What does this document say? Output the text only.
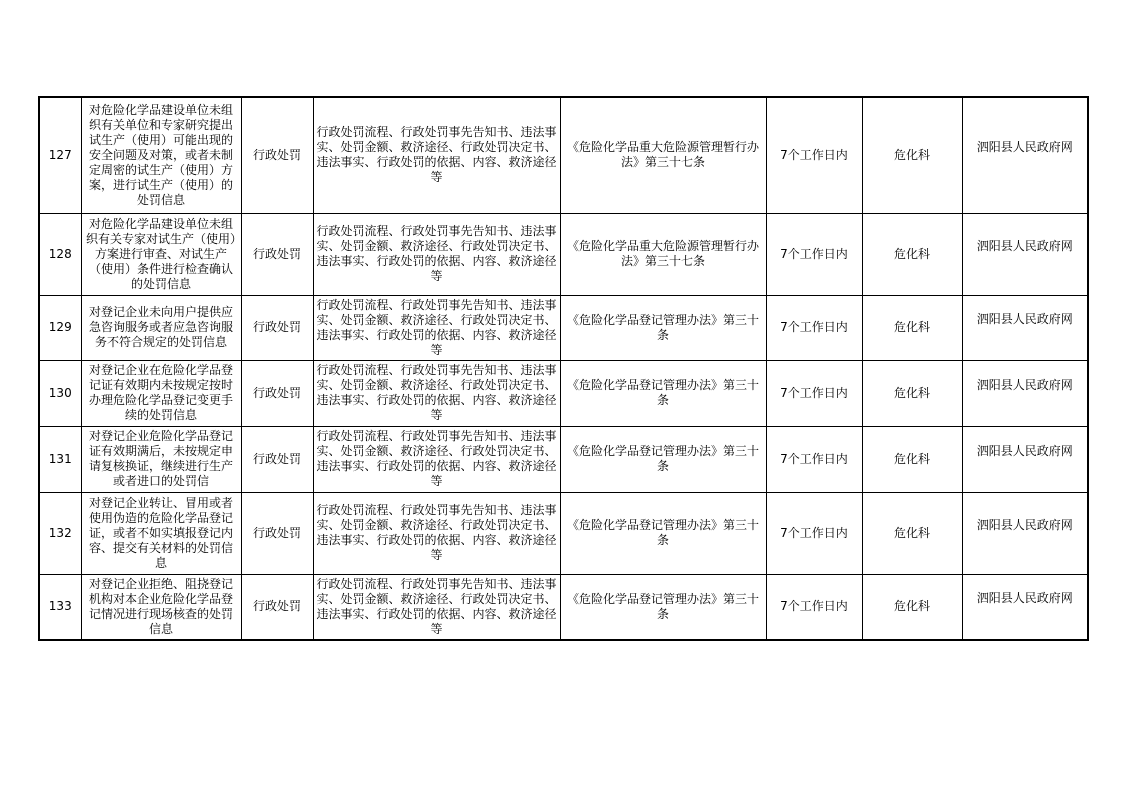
127	对危险化学品建设单位未组织有关单位和专家研究提出试生产（使用）可能出现的安全问题及对策，或者未制定周密的试生产（使用）方案，进行试生产（使用）的处罚信息	行政处罚	行政处罚流程、行政处罚事先告知书、违法事实、处罚金额、救济途径、行政处罚决定书、违法事实、行政处罚的依据、内容、救济途径等	《危险化学品重大危险源管理暂行办法》第三十七条	7个工作日内	危化科	泗阳县人民政府网
128	对危险化学品建设单位未组织有关专家对试生产（使用）方案进行审查、对试生产（使用）条件进行检查确认的处罚信息	行政处罚	行政处罚流程、行政处罚事先告知书、违法事实、处罚金额、救济途径、行政处罚决定书、违法事实、行政处罚的依据、内容、救济途径等	《危险化学品重大危险源管理暂行办法》第三十七条	7个工作日内	危化科	泗阳县人民政府网
129	对登记企业未向用户提供应急咨询服务或者应急咨询服务不符合规定的处罚信息	行政处罚	行政处罚流程、行政处罚事先告知书、违法事实、处罚金额、救济途径、行政处罚决定书、违法事实、行政处罚的依据、内容、救济途径等	《危险化学品登记管理办法》第三十条	7个工作日内	危化科	泗阳县人民政府网
130	对登记企业在危险化学品登记证有效期内未按规定按时办理危险化学品登记变更手续的处罚信息	行政处罚	行政处罚流程、行政处罚事先告知书、违法事实、处罚金额、救济途径、行政处罚决定书、违法事实、行政处罚的依据、内容、救济途径等	《危险化学品登记管理办法》第三十条	7个工作日内	危化科	泗阳县人民政府网
131	对登记企业危险化学品登记证有效期满后，未按规定申请复核换证，继续进行生产或者进口的处罚信	行政处罚	行政处罚流程、行政处罚事先告知书、违法事实、处罚金额、救济途径、行政处罚决定书、违法事实、行政处罚的依据、内容、救济途径等	《危险化学品登记管理办法》第三十条	7个工作日内	危化科	泗阳县人民政府网
132	对登记企业转让、冒用或者使用伪造的危险化学品登记证，或者不如实填报登记内容、提交有关材料的处罚信息	行政处罚	行政处罚流程、行政处罚事先告知书、违法事实、处罚金额、救济途径、行政处罚决定书、违法事实、行政处罚的依据、内容、救济途径等	《危险化学品登记管理办法》第三十条	7个工作日内	危化科	泗阳县人民政府网
133	对登记企业拒绝、阻挠登记机构对本企业危险化学品登记情况进行现场核查的处罚信息	行政处罚	行政处罚流程、行政处罚事先告知书、违法事实、处罚金额、救济途径、行政处罚决定书、违法事实、行政处罚的依据、内容、救济途径等	《危险化学品登记管理办法》第三十条	7个工作日内	危化科	泗阳县人民政府网
